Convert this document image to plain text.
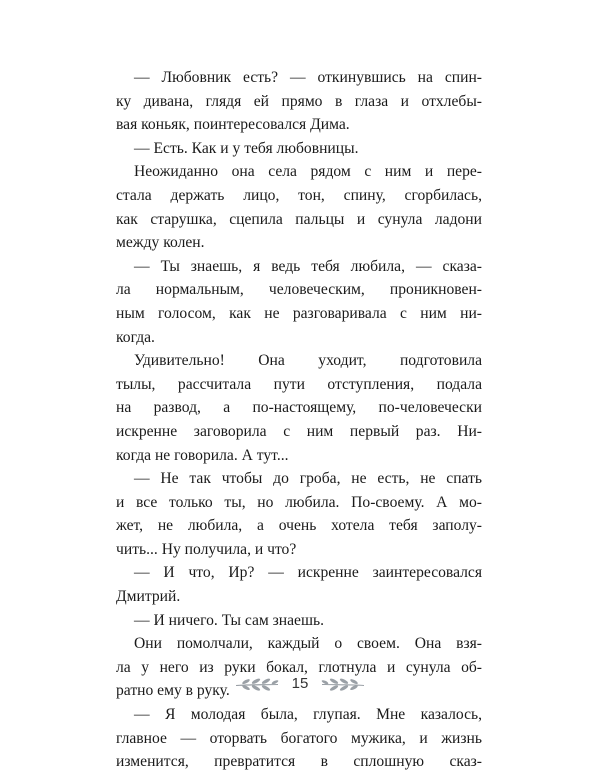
— Любовник есть? — откинувшись на спин-
ку дивана, глядя ей прямо в глаза и отхлебы-
вая коньяк, поинтересовался Дима.
— Есть. Как и у тебя любовницы.
Неожиданно она села рядом с ним и пере-
стала держать лицо, тон, спину, сгорбилась,
как старушка, сцепила пальцы и сунула ладони
между колен.
— Ты знаешь, я ведь тебя любила, — сказа-
ла нормальным, человеческим, проникновен-
ным голосом, как не разговаривала с ним ни-
когда.
Удивительно! Она уходит, подготовила
тылы, рассчитала пути отступления, подала
на развод, а по-настоящему, по-человечески
искренне заговорила с ним первый раз. Ни-
когда не говорила. А тут...
— Не так чтобы до гроба, не есть, не спать
и все только ты, но любила. По-своему. А мо-
жет, не любила, а очень хотела тебя заполу-
чить... Ну получила, и что?
— И что, Ир? — искренне заинтересовался
Дмитрий.
— И ничего. Ты сам знаешь.
Они помолчали, каждый о своем. Она взя-
ла у него из руки бокал, глотнула и сунула об-
ратно ему в руку.
— Я молодая была, глупая. Мне казалось,
главное — оторвать богатого мужика, и жизнь
изменится, превратится в сплошную сказ-
15
